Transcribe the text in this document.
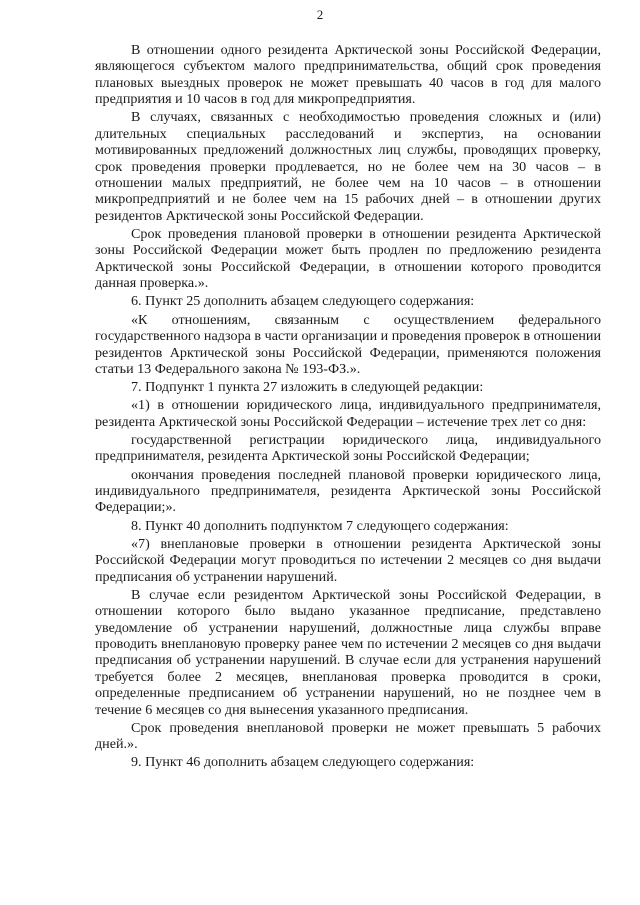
2

В отношении одного резидента Арктической зоны Российской Федерации, являющегося субъектом малого предпринимательства, общий срок проведения плановых выездных проверок не может превышать 40 часов в год для малого предприятия и 10 часов в год для микропредприятия.

В случаях, связанных с необходимостью проведения сложных и (или) длительных специальных расследований и экспертиз, на основании мотивированных предложений должностных лиц службы, проводящих проверку, срок проведения проверки продлевается, но не более чем на 30 часов – в отношении малых предприятий, не более чем на 10 часов – в отношении микропредприятий и не более чем на 15 рабочих дней – в отношении других резидентов Арктической зоны Российской Федерации.

Срок проведения плановой проверки в отношении резидента Арктической зоны Российской Федерации может быть продлен по предложению резидента Арктической зоны Российской Федерации, в отношении которого проводится данная проверка.».

6. Пункт 25 дополнить абзацем следующего содержания:

«К отношениям, связанным с осуществлением федерального государственного надзора в части организации и проведения проверок в отношении резидентов Арктической зоны Российской Федерации, применяются положения статьи 13 Федерального закона № 193-ФЗ.».

7. Подпункт 1 пункта 27 изложить в следующей редакции:

«1) в отношении юридического лица, индивидуального предпринимателя, резидента Арктической зоны Российской Федерации – истечение трех лет со дня:

государственной регистрации юридического лица, индивидуального предпринимателя, резидента Арктической зоны Российской Федерации;

окончания проведения последней плановой проверки юридического лица, индивидуального предпринимателя, резидента Арктической зоны Российской Федерации;».

8. Пункт 40 дополнить подпунктом 7 следующего содержания:

«7) внеплановые проверки в отношении резидента Арктической зоны Российской Федерации могут проводиться по истечении 2 месяцев со дня выдачи предписания об устранении нарушений.

В случае если резидентом Арктической зоны Российской Федерации, в отношении которого было выдано указанное предписание, представлено уведомление об устранении нарушений, должностные лица службы вправе проводить внеплановую проверку ранее чем по истечении 2 месяцев со дня выдачи предписания об устранении нарушений. В случае если для устранения нарушений требуется более 2 месяцев, внеплановая проверка проводится в сроки, определенные предписанием об устранении нарушений, но не позднее чем в течение 6 месяцев со дня вынесения указанного предписания.

Срок проведения внеплановой проверки не может превышать 5 рабочих дней.».

9. Пункт 46 дополнить абзацем следующего содержания:
